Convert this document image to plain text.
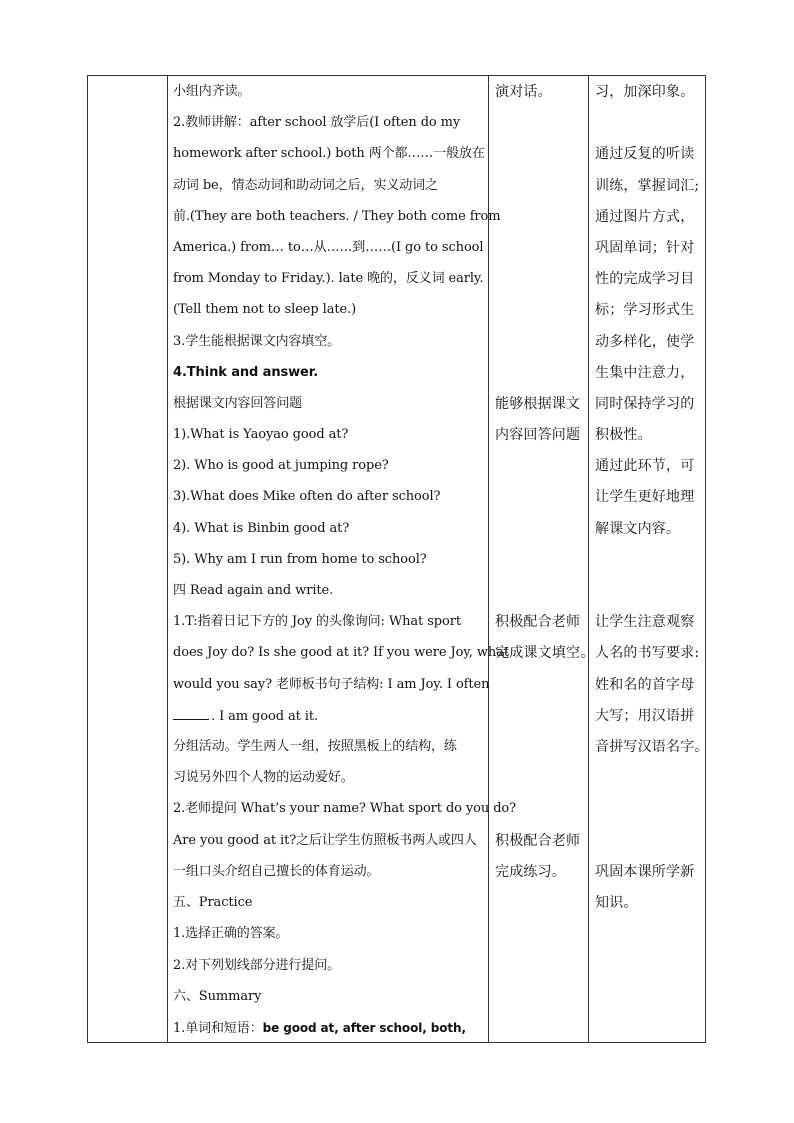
小组内齐读。
2.教师讲解：after school 放学后(I often do my
homework after school.) both 两个都……一般放在
动词 be，情态动词和助动词之后，实义动词之
前.(They are both teachers. / They both come from
America.) from… to…从……到……(I go to school
from Monday to Friday.). late 晚的，反义词 early.
(Tell them not to sleep late.)
3.学生能根据课文内容填空。
4.Think and answer.
根据课文内容回答问题
1).What is Yaoyao good at?
2). Who is good at jumping rope?
3).What does Mike often do after school?
4). What is Binbin good at?
5). Why am I run from home to school?
四 Read again and write.
1.T:指着日记下方的 Joy 的头像询问: What sport
does Joy do? Is she good at it? If you were Joy, what
would you say? 老师板书句子结构: I am Joy. I often
. I am good at it.
分组活动。学生两人一组，按照黑板上的结构，练
习说另外四个人物的运动爱好。
2.老师提问 What’s your name? What sport do you do?
Are you good at it?之后让学生仿照板书两人或四人
一组口头介绍自己擅长的体育运动。
五、Practice
1.选择正确的答案。
2.对下列划线部分进行提问。
六、Summary
1.单词和短语：be good at, after school, both,
演对话。
能够根据课文
内容回答问题
积极配合老师
完成课文填空。
积极配合老师
完成练习。
习，加深印象。
通过反复的听读
训练，掌握词汇;
通过图片方式，
巩固单词；针对
性的完成学习目
标；学习形式生
动多样化，使学
生集中注意力，
同时保持学习的
积极性。
通过此环节，可
让学生更好地理
解课文内容。
让学生注意观察
人名的书写要求:
姓和名的首字母
大写；用汉语拼
音拼写汉语名字。
巩固本课所学新
知识。
